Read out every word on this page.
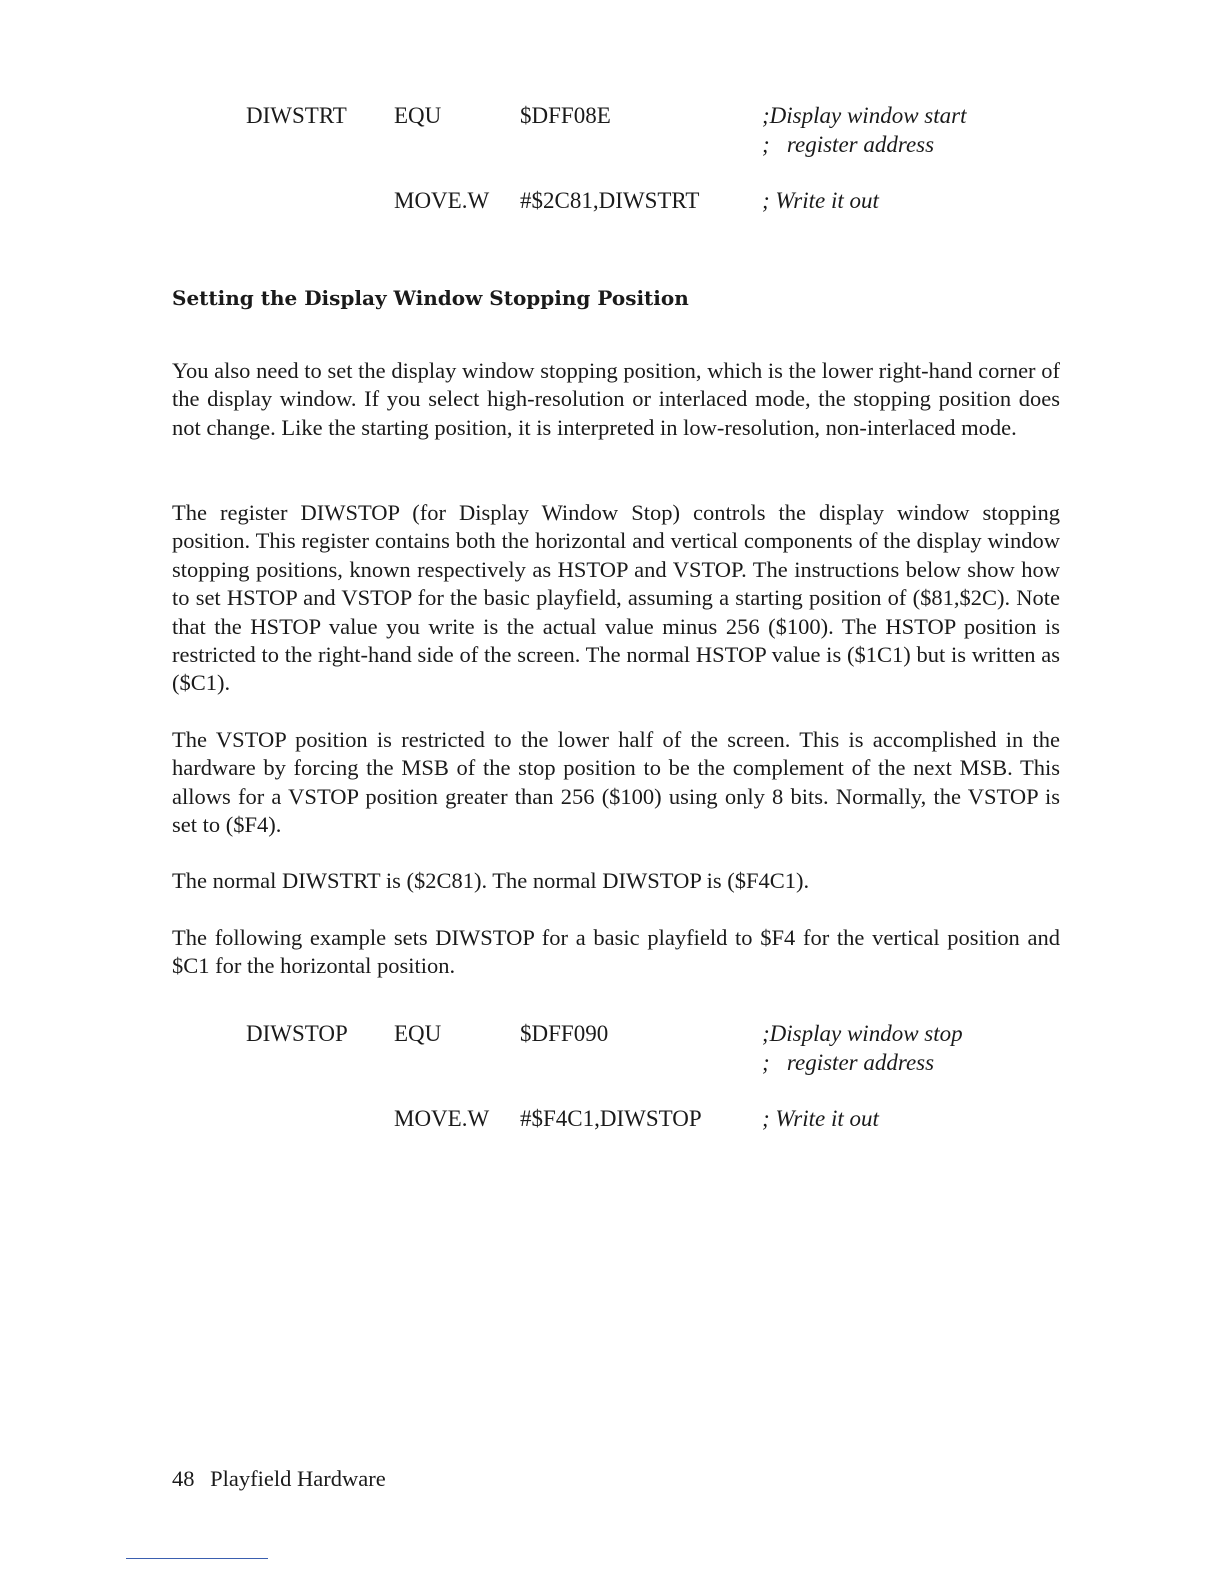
DIWSTRT EQU	$DFF08E	;Display window start
;   register address
MOVE.W #$2C81,DIWSTRT	; Write it out
Setting the Display Window Stopping Position

You also need to set the display window stopping position, which is the lower right-hand corner of the display window. If you select high-resolution or interlaced mode, the stopping position does not change. Like the starting position, it is interpreted in low-resolution, non-interlaced mode.

The register DIWSTOP (for Display Window Stop) controls the display window stopping position. This register contains both the horizontal and vertical components of the display window stopping positions, known respectively as HSTOP and VSTOP. The instructions below show how to set HSTOP and VSTOP for the basic playfield, assuming a starting position of ($81,$2C). Note that the HSTOP value you write is the actual value minus 256 ($100). The HSTOP position is restricted to the right-hand side of the screen. The normal HSTOP value is ($1C1) but is written as ($C1).

The VSTOP position is restricted to the lower half of the screen. This is accomplished in the hardware by forcing the MSB of the stop position to be the complement of the next MSB. This allows for a VSTOP position greater than 256 ($100) using only 8 bits. Normally, the VSTOP is set to ($F4).

The normal DIWSTRT is ($2C81). The normal DIWSTOP is ($F4C1).

The following example sets DIWSTOP for a basic playfield to $F4 for the vertical position and $C1 for the horizontal position.

DIWSTOP EQU	$DFF090	;Display window stop
;   register address
MOVE.W #$F4C1,DIWSTOP	; Write it out
48 Playfield Hardware
